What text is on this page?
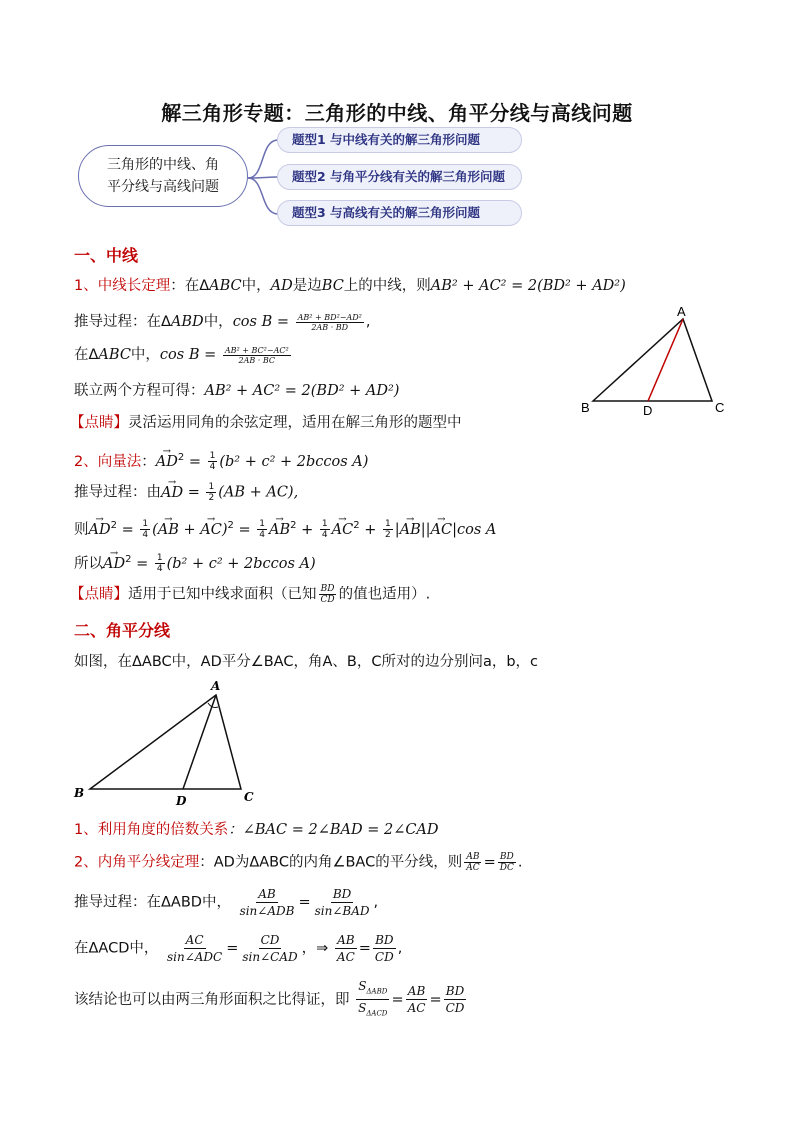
解三角形专题：三角形的中线、角平分线与高线问题
三角形的中线、角
平分线与高线问题
题型1 与中线有关的解三角形问题
题型2 与角平分线有关的解三角形问题
题型3 与高线有关的解三角形问题
一、中线
1、中线长定理：在ΔABC中，AD是边BC上的中线，则AB² + AC² = 2(BD² + AD²)
推导过程：在ΔABD中，$\cos B = \frac{\text{AB² + BD²−AD²}}{2AB \cdot BD}$ ,
在ΔABC中，$\cos B = \frac{\text{AB² + BC²−AC²}}{2AB \cdot BC}$
联立两个方程可得：AB² + AC² = 2(BD² + AD²)
【点睛】灵活运用同角的余弦定理，适用在解三角形的题型中
2、向量法：→ $AD^2 = \frac{1}{4} (b^2 + c^2 + 2bccos$ A)
推导过程：由→ AD = $\frac{1}{2} (AB + AC)$,
则→ $AD^2 = \frac{1}{4}$ (→ AB + → $AC)^2 = \frac{1}{4}$
→ $AB^2 + \frac{1}{4}$
→ $AC^2 + \frac{1}{2}$ |→ AB||→ AC|cos A
所以→ $AD^2 = \frac{1}{4} (b^2 + c^2 + 2bccos$ A)
【点睛】适用于已知中线求面积（已知 $\frac{BD}{CD}$ 的值也适用）.
A
B	D	C
二、角平分线
如图，在ΔABC中，AD平分∠BAC，角A、B，C所对的边分别问a，b，c
A
B
D	C
1、利用角度的倍数关系：∠BAC = 2∠BAD = 2∠CAD
2、内角平分线定理：AD为ΔABC的内角∠BAC的平分线，则 $\frac{AB}{AC} = \frac{BD}{DC}$ .
推导过程：在ΔABD中， $\frac{AB}{\text{sin∠ADB}} = \frac{BD}{\text{sin∠BAD}}$ ,
在ΔACD中， $\frac{AC}{\text{sin∠ADC}} = \frac{CD}{\text{sin∠CAD}}$ ，⇒ $\frac{AB}{AC} = \frac{BD}{CD}$ ,
该结论也可以由两三角形面积之比得证，即 $\frac{S_{\Delta ABD}}{S_{\Delta ACD}} = \frac{AB}{AC} = \frac{BD}{CD}$
